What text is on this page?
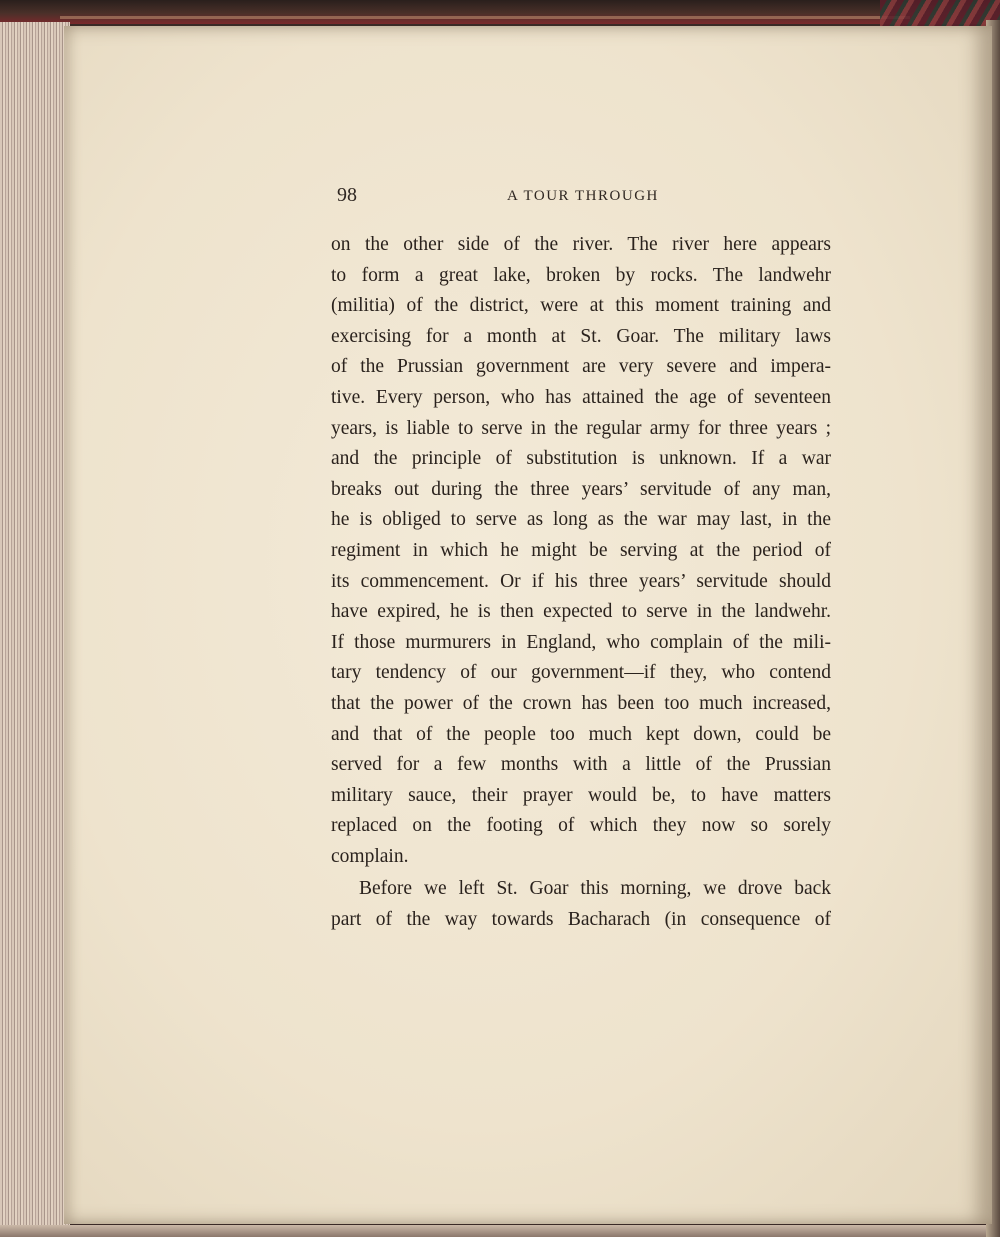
98	A TOUR THROUGH
on the other side of the river. The river here appears
to form a great lake, broken by rocks. The landwehr
(militia) of the district, were at this moment training and
exercising for a month at St. Goar. The military laws
of the Prussian government are very severe and impera-
tive. Every person, who has attained the age of seventeen
years, is liable to serve in the regular army for three years ;
and the principle of substitution is unknown. If a war
breaks out during the three years’ servitude of any man,
he is obliged to serve as long as the war may last, in the
regiment in which he might be serving at the period of
its commencement. Or if his three years’ servitude should
have expired, he is then expected to serve in the landwehr.
If those murmurers in England, who complain of the mili-
tary tendency of our government—if they, who contend
that the power of the crown has been too much increased,
and that of the people too much kept down, could be
served for a few months with a little of the Prussian
military sauce, their prayer would be, to have matters
replaced on the footing of which they now so sorely
complain.
Before we left St. Goar this morning, we drove back
part of the way towards Bacharach (in consequence of
